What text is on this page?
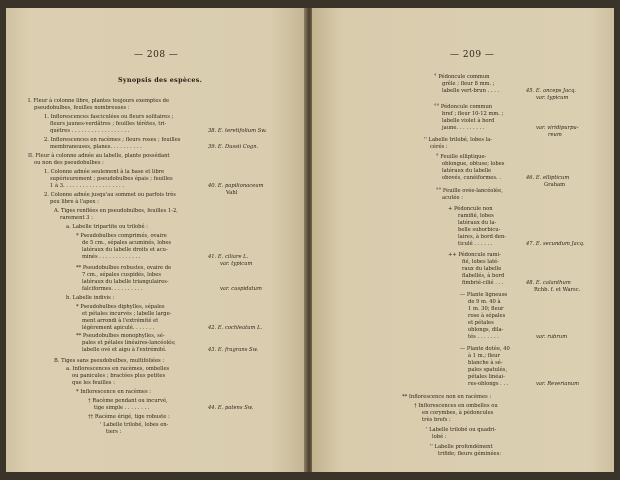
— 208 —
Synopsis des espèces.
I. Fleur à colonne libre, plantes toujours exemptes de
pseudobulbes, feuilles nombreuses :
1. Inflorescences fasciculées ou fleurs solitaires ;
fleurs jaunes-verdâtres ; feuilles térètes, tri-
quètres . . . . . . . . . . . . . . . . . .
2. Inflorescences en racèmes ; fleurs roses ; feuilles
membraneuses, planes. . . . . . . . . .
II. Fleur à colonne adnée au labelle, plante possédant
ou non des pseudobulbes :
1. Colonne adnée seulement à la base et libre
supérieurement ; pseudobulbes épais ; feuilles
1 à 3. . . . . . . . . . . . . . . . . . .
2. Colonne adnée jusqu'au sommet ou parfois très
peu libre à l'apex :
A. Tiges renflées en pseudobulbes, feuilles 1-2,
rarement 3 :
a. Labelle tripartite ou trilobé :
* Pseudobulbes comprimés, ovaire
de 5 cm., sépales acuminés, lobes
latéraux du labelle droits et acu-
minés . . . . . . . . . . . . .
** Pseudobulbes robustes, ovaire de
7 cm., sépales cuspidés, lobes
latéraux du labelle triangulaires-
falciformes. . . . . . . . . .
b. Labelle indivis :
* Pseudobulbes diphylles, sépales
et pétales incurvés ; labelle large-
ment arrondi à l'extrémité et
légèrement apiculé. . . . . . .
** Pseudobulbes monophylles, sé-
pales et pétales linéaires-lancéolés;
labelle ové et aigu à l'extrémité.
B. Tiges sans pseudobulbes, multifoliées :
a. Inflorescences en racèmes, ombelles
ou panicules ; bractées plus petites
que les feuilles :
* Inflorescence en racèmes :
† Racème pendant ou incurvé,
tige simple . . . . . . . .
†† Racème érigé, tige robuste :
' Labelle trilobé, lobes en-
tiers :
38. E. teretifolium Sw.
39. E. Dussii Cogn.
40. E. papilionaceum
Vahl
41. E. ciliare L.
var. typicum
var. cuspidatum
42. E. cochleatum L.
43. E. fragrans Sw.
44. E. patens Sw.
— 209 —
° Pédoncule commun
grêle ; fleur 8 mm. ;
labelle vert-brun . . . .
°° Pédoncule commun
bref ; fleur 10-12 mm. ;
labelle violet à bord
jaune. . . . . . . . .
'' Labelle trilobé, lobes la-
cérés :
° Feuille elliptique-
oblongue, obtuse; lobes
latéraux du labelle
obovés, cunéiformes. .
°° Feuille ovée-lancéolée,
acutée :
+ Pédoncule non
ramifié, lobes
latéraux du la-
belle suborbicu-
laires, à bord den-
ticulé . . . . . .
++ Pédoncule rami-
fié, lobes laté-
raux du labelle
flabellés, à bord
fimbrié-cilié . . .
— Plante ligneuse
de 9 m. 40 à
1 m. 30; fleur
rose à sépales
et pétales
oblongs, dila-
tés . . . . . . .
— Plante dotée, 40
à 1 m.; fleur
blanche à sé-
pales spatulés,
pétales linéai-
res-oblongs . . .
** Inflorescence non en racèmes :
† Inflorescences en ombelles ou
en corymbes, à pédoncules
très brefs :
' Labelle trilobé ou quadri-
lobé :
'' Labelle profondément
trifide; fleurs géminées:
45. E. anceps Jacq.
var. typicum
var. viridipurpu-
reum
46. E. ellipticum
Graham
47. E. secundum Jacq.
48. E. calanthum
Rchb. f. et Warsc.
var. rubrum
var. Reverianum
